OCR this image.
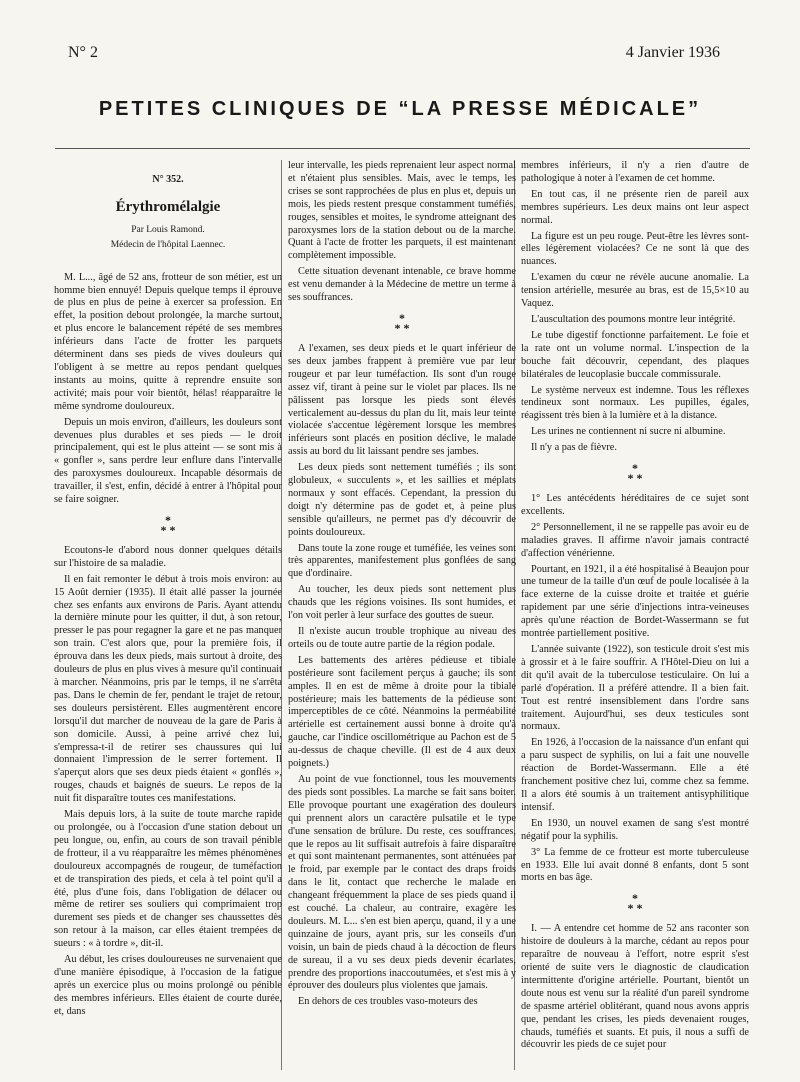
N° 2	4 Janvier 1936
PETITES CLINIQUES DE “LA PRESSE MÉDICALE”
N° 352.
Érythromélalgie
Par Louis Ramond.
Médecin de l'hôpital Laennec.

M. L..., âgé de 52 ans, frotteur de son métier, est un homme bien ennuyé! Depuis quelque temps il éprouve de plus en plus de peine à exercer sa profession. En effet, la position debout prolongée, la marche surtout, et plus encore le balancement répété de ses membres inférieurs dans l'acte de frotter les parquets déterminent dans ses pieds de vives douleurs qui l'obligent à se mettre au repos pendant quelques instants au moins, quitte à reprendre ensuite son activité; mais pour voir bientôt, hélas! réapparaître le même syndrome douloureux.

Depuis un mois environ, d'ailleurs, les douleurs sont devenues plus durables et ses pieds — le droit principalement, qui est le plus atteint — se sont mis à « gonfler », sans perdre leur enflure dans l'intervalle des paroxysmes douloureux. Incapable désormais de travailler, il s'est, enfin, décidé à entrer à l'hôpital pour se faire soigner.

*
* *

Ecoutons-le d'abord nous donner quelques détails sur l'histoire de sa maladie.

Il en fait remonter le début à trois mois environ: au 15 Août dernier (1935). Il était allé passer la journée chez ses enfants aux environs de Paris. Ayant attendu la dernière minute pour les quitter, il dut, à son retour, presser le pas pour regagner la gare et ne pas manquer son train. C'est alors que, pour la première fois, il éprouva dans les deux pieds, mais surtout à droite, des douleurs de plus en plus vives à mesure qu'il continuait à marcher. Néanmoins, pris par le temps, il ne s'arrêta pas. Dans le chemin de fer, pendant le trajet de retour, ses douleurs persistèrent. Elles augmentèrent encore lorsqu'il dut marcher de nouveau de la gare de Paris à son domicile. Aussi, à peine arrivé chez lui, s'empressa-t-il de retirer ses chaussures qui lui donnaient l'impression de le serrer fortement. Il s'aperçut alors que ses deux pieds étaient « gonflés », rouges, chauds et baignés de sueurs. Le repos de la nuit fit disparaître toutes ces manifestations.

Mais depuis lors, à la suite de toute marche rapide ou prolongée, ou à l'occasion d'une station debout un peu longue, ou, enfin, au cours de son travail pénible de frotteur, il a vu réapparaître les mêmes phénomènes douloureux accompagnés de rougeur, de tuméfaction et de transpiration des pieds, et cela à tel point qu'il a été, plus d'une fois, dans l'obligation de délacer ou même de retirer ses souliers qui comprimaient trop durement ses pieds et de changer ses chaussettes dès son retour à la maison, car elles étaient trempées de sueurs : « à tordre », dit-il.

Au début, les crises douloureuses ne survenaient que d'une manière épisodique, à l'occasion de la fatigue après un exercice plus ou moins prolongé ou pénible des membres inférieurs. Elles étaient de courte durée, et, dans

leur intervalle, les pieds reprenaient leur aspect normal et n'étaient plus sensibles. Mais, avec le temps, les crises se sont rapprochées de plus en plus et, depuis un mois, les pieds restent presque constamment tuméfiés, rouges, sensibles et moites, le syndrome atteignant des paroxysmes lors de la station debout ou de la marche. Quant à l'acte de frotter les parquets, il est maintenant complètement impossible.

Cette situation devenant intenable, ce brave homme est venu demander à la Médecine de mettre un terme à ses souffrances.

*
* *

A l'examen, ses deux pieds et le quart inférieur de ses deux jambes frappent à première vue par leur rougeur et par leur tuméfaction. Ils sont d'un rouge assez vif, tirant à peine sur le violet par places. Ils ne pâlissent pas lorsque les pieds sont élevés verticalement au-dessus du plan du lit, mais leur teinte violacée s'accentue légèrement lorsque les membres inférieurs sont placés en position déclive, le malade assis au bord du lit laissant pendre ses jambes.

Les deux pieds sont nettement tuméfiés ; ils sont globuleux, « succulents », et les saillies et méplats normaux y sont effacés. Cependant, la pression du doigt n'y détermine pas de godet et, à peine plus sensible qu'ailleurs, ne permet pas d'y découvrir de points douloureux.

Dans toute la zone rouge et tuméfiée, les veines sont très apparentes, manifestement plus gonflées de sang que d'ordinaire.

Au toucher, les deux pieds sont nettement plus chauds que les régions voisines. Ils sont humides, et l'on voit perler à leur surface des gouttes de sueur.

Il n'existe aucun trouble trophique au niveau des orteils ou de toute autre partie de la région podale.

Les battements des artères pédieuse et tibiale postérieure sont facilement perçus à gauche; ils sont amples. Il en est de même à droite pour la tibiale postérieure; mais les battements de la pédieuse sont imperceptibles de ce côté. Néanmoins la perméabilité artérielle est certainement aussi bonne à droite qu'à gauche, car l'indice oscillométrique au Pachon est de 5 au-dessus de chaque cheville. (Il est de 4 aux deux poignets.)

Au point de vue fonctionnel, tous les mouvements des pieds sont possibles. La marche se fait sans boiter. Elle provoque pourtant une exagération des douleurs qui prennent alors un caractère pulsatile et le type d'une sensation de brûlure. Du reste, ces souffrances, que le repos au lit suffisait autrefois à faire disparaître et qui sont maintenant permanentes, sont atténuées par le froid, par exemple par le contact des draps froids dans le lit, contact que recherche le malade en changeant fréquemment la place de ses pieds quand il est couché. La chaleur, au contraire, exagère les douleurs. M. L... s'en est bien aperçu, quand, il y a une quinzaine de jours, ayant pris, sur les conseils d'un voisin, un bain de pieds chaud à la décoction de fleurs de sureau, il a vu ses deux pieds devenir écarlates, prendre des proportions inaccoutumées, et s'est mis à y éprouver des douleurs plus violentes que jamais.

En dehors de ces troubles vaso-moteurs des

membres inférieurs, il n'y a rien d'autre de pathologique à noter à l'examen de cet homme.

En tout cas, il ne présente rien de pareil aux membres supérieurs. Les deux mains ont leur aspect normal.

La figure est un peu rouge. Peut-être les lèvres sont-elles légèrement violacées? Ce ne sont là que des nuances.

L'examen du cœur ne révèle aucune anomalie. La tension artérielle, mesurée au bras, est de 15,5×10 au Vaquez.

L'auscultation des poumons montre leur intégrité.

Le tube digestif fonctionne parfaitement. Le foie et la rate ont un volume normal. L'inspection de la bouche fait découvrir, cependant, des plaques bilatérales de leucoplasie buccale commissurale.

Le système nerveux est indemne. Tous les réflexes tendineux sont normaux. Les pupilles, égales, réagissent très bien à la lumière et à la distance.

Les urines ne contiennent ni sucre ni albumine.

Il n'y a pas de fièvre.

*
* *

1° Les antécédents héréditaires de ce sujet sont excellents.

2° Personnellement, il ne se rappelle pas avoir eu de maladies graves. Il affirme n'avoir jamais contracté d'affection vénérienne.

Pourtant, en 1921, il a été hospitalisé à Beaujon pour une tumeur de la taille d'un œuf de poule localisée à la face externe de la cuisse droite et traitée et guérie rapidement par une série d'injections intra-veineuses après qu'une réaction de Bordet-Wassermann se fut montrée partiellement positive.

L'année suivante (1922), son testicule droit s'est mis à grossir et à le faire souffrir. A l'Hôtel-Dieu on lui a dit qu'il avait de la tuberculose testiculaire. On lui a parlé d'opération. Il a préféré attendre. Il a bien fait. Tout est rentré insensiblement dans l'ordre sans traitement. Aujourd'hui, ses deux testicules sont normaux.

En 1926, à l'occasion de la naissance d'un enfant qui a paru suspect de syphilis, on lui a fait une nouvelle réaction de Bordet-Wassermann. Elle a été franchement positive chez lui, comme chez sa femme. Il a alors été soumis à un traitement antisyphilitique intensif.

En 1930, un nouvel examen de sang s'est montré négatif pour la syphilis.

3° La femme de ce frotteur est morte tuberculeuse en 1933. Elle lui avait donné 8 enfants, dont 5 sont morts en bas âge.

*
* *

I. — A entendre cet homme de 52 ans raconter son histoire de douleurs à la marche, cédant au repos pour reparaître de nouveau à l'effort, notre esprit s'est orienté de suite vers le diagnostic de claudication intermittente d'origine artérielle. Pourtant, bientôt un doute nous est venu sur la réalité d'un pareil syndrome de spasme artériel oblitérant, quand nous avons appris que, pendant les crises, les pieds devenaient rouges, chauds, tuméfiés et suants. Et puis, il nous a suffi de découvrir les pieds de ce sujet pour
